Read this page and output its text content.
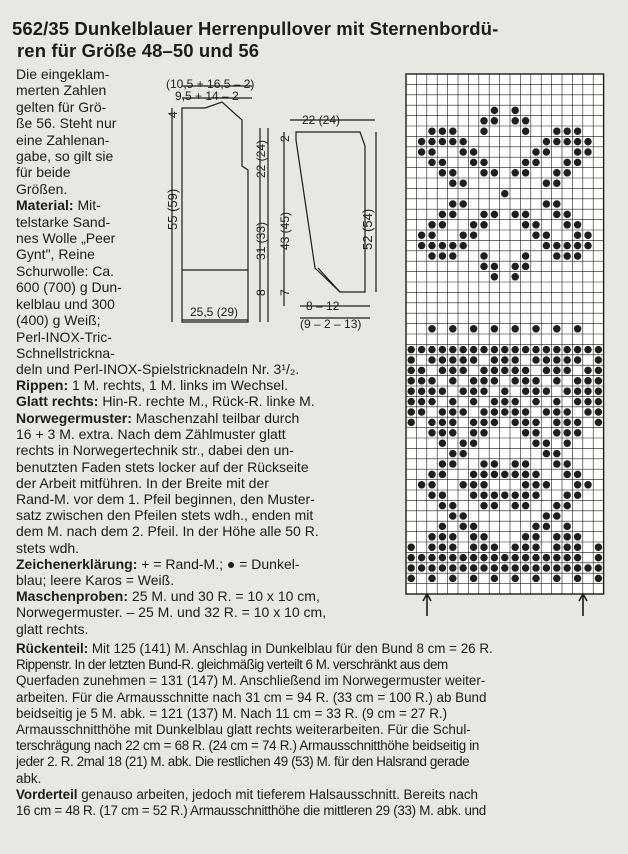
562/35 Dunkelblauer Herrenpullover mit Sternenbordü-
ren für Größe 48–50 und 56
Die eingeklam-
merten Zahlen
gelten für Grö-
ße 56. Steht nur
eine Zahlenan-
gabe, so gilt sie
für beide
Größen.
Material: Mit-
telstarke Sand-
nes Wolle „Peer
Gynt", Reine
Schurwolle: Ca.
600 (700) g Dun-
kelblau und 300
(400) g Weiß;
Perl-INOX-Tric-
Schnellstrickna-
(10,5 + 16,5 – 2)
9,5 + 14 – 2
4
55 (59)
22 (24)
31 (33)
8
25,5 (29)
22 (24)
2
43 (45)
7
52 (54)
8 – 12
(9 – 2 – 13)
deln und Perl-INOX-Spielstricknadeln Nr. 3¹/₂.
Rippen: 1 M. rechts, 1 M. links im Wechsel.
Glatt rechts: Hin-R. rechte M., Rück-R. linke M.
Norwegermuster: Maschenzahl teilbar durch
16 + 3 M. extra. Nach dem Zählmuster glatt
rechts in Norwegertechnik str., dabei den un-
benutzten Faden stets locker auf der Rückseite
der Arbeit mitführen. In der Breite mit der
Rand-M. vor dem 1. Pfeil beginnen, den Muster-
satz zwischen den Pfeilen stets wdh., enden mit
dem M. nach dem 2. Pfeil. In der Höhe alle 50 R.
stets wdh.
Zeichenerklärung: + = Rand-M.; ● = Dunkel-
blau; leere Karos = Weiß.
Maschenproben: 25 M. und 30 R. = 10 x 10 cm,
Norwegermuster. – 25 M. und 32 R. = 10 x 10 cm,
glatt rechts.
Rückenteil: Mit 125 (141) M. Anschlag in Dunkelblau für den Bund 8 cm = 26 R.
Rippenstr. In der letzten Bund-R. gleichmäßig verteilt 6 M. verschränkt aus dem
Querfaden zunehmen = 131 (147) M. Anschließend im Norwegermuster weiter-
arbeiten. Für die Armausschnitte nach 31 cm = 94 R. (33 cm = 100 R.) ab Bund
beidseitig je 5 M. abk. = 121 (137) M. Nach 11 cm = 33 R. (9 cm = 27 R.)
Armausschnitthöhe mit Dunkelblau glatt rechts weiterarbeiten. Für die Schul-
terschrägung nach 22 cm = 68 R. (24 cm = 74 R.) Armausschnitthöhe beidseitig in
jeder 2. R. 2mal 18 (21) M. abk. Die restlichen 49 (53) M. für den Halsrand gerade
abk.
Vorderteil genauso arbeiten, jedoch mit tieferem Halsausschnitt. Bereits nach
16 cm = 48 R. (17 cm = 52 R.) Armausschnitthöhe die mittleren 29 (33) M. abk. und
